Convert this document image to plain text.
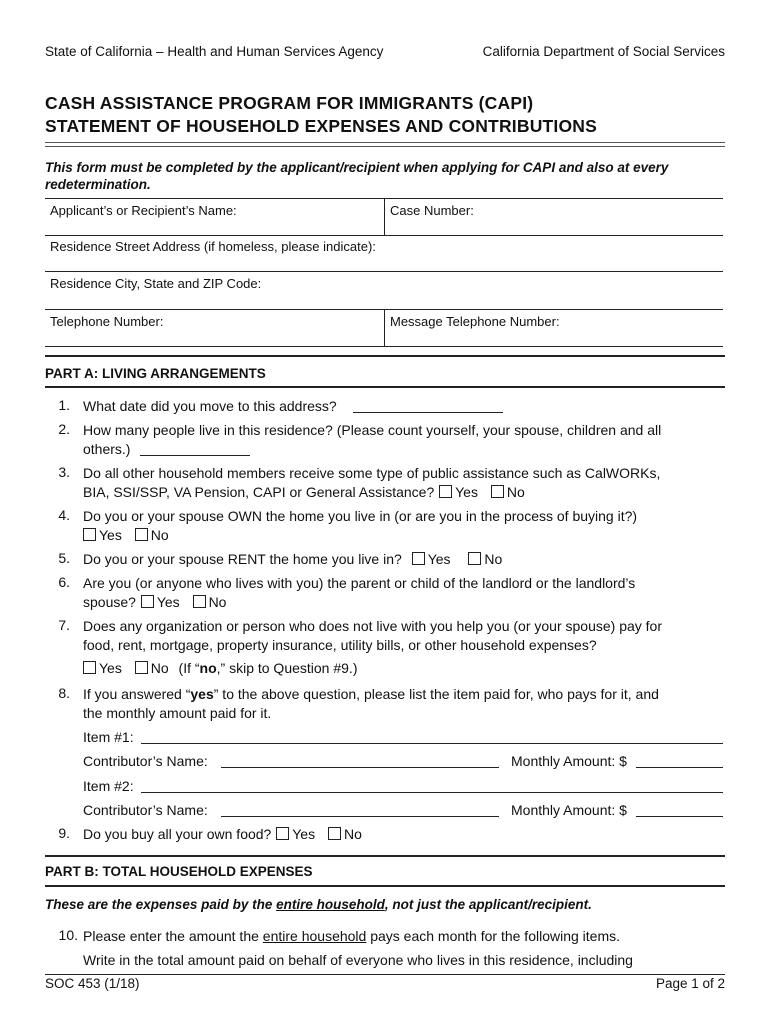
State of California – Health and Human Services Agency	California Department of Social Services
CASH ASSISTANCE PROGRAM FOR IMMIGRANTS (CAPI)
STATEMENT OF HOUSEHOLD EXPENSES AND CONTRIBUTIONS
This form must be completed by the applicant/recipient when applying for CAPI and also at every redetermination.
Applicant’s or Recipient’s Name:	Case Number:
Residence Street Address (if homeless, please indicate):
Residence City, State and ZIP Code:
Telephone Number:	Message Telephone Number:
PART A: LIVING ARRANGEMENTS
1. What date did you move to this address?
2. How many people live in this residence? (Please count yourself, your spouse, children and all
others.)
3. Do all other household members receive some type of public assistance such as CalWORKs,
BIA, SSI/SSP, VA Pension, CAPI or General Assistance? Yes No
4. Do you or your spouse OWN the home you live in (or are you in the process of buying it?)
Yes No
5. Do you or your spouse RENT the home you live in? Yes No
6. Are you (or anyone who lives with you) the parent or child of the landlord or the landlord’s
spouse? Yes No
7. Does any organization or person who does not live with you help you (or your spouse) pay for
food, rent, mortgage, property insurance, utility bills, or other household expenses?
Yes No (If “no,” skip to Question #9.)
8. If you answered “yes” to the above question, please list the item paid for, who pays for it, and
the monthly amount paid for it.
Item #1:
Contributor’s Name:	Monthly Amount: $
Item #2:
Contributor’s Name:	Monthly Amount: $
9. Do you buy all your own food? Yes No
PART B: TOTAL HOUSEHOLD EXPENSES
These are the expenses paid by the entire household, not just the applicant/recipient.
10. Please enter the amount the entire household pays each month for the following items.
Write in the total amount paid on behalf of everyone who lives in this residence, including
SOC 453 (1/18)	Page 1 of 2
